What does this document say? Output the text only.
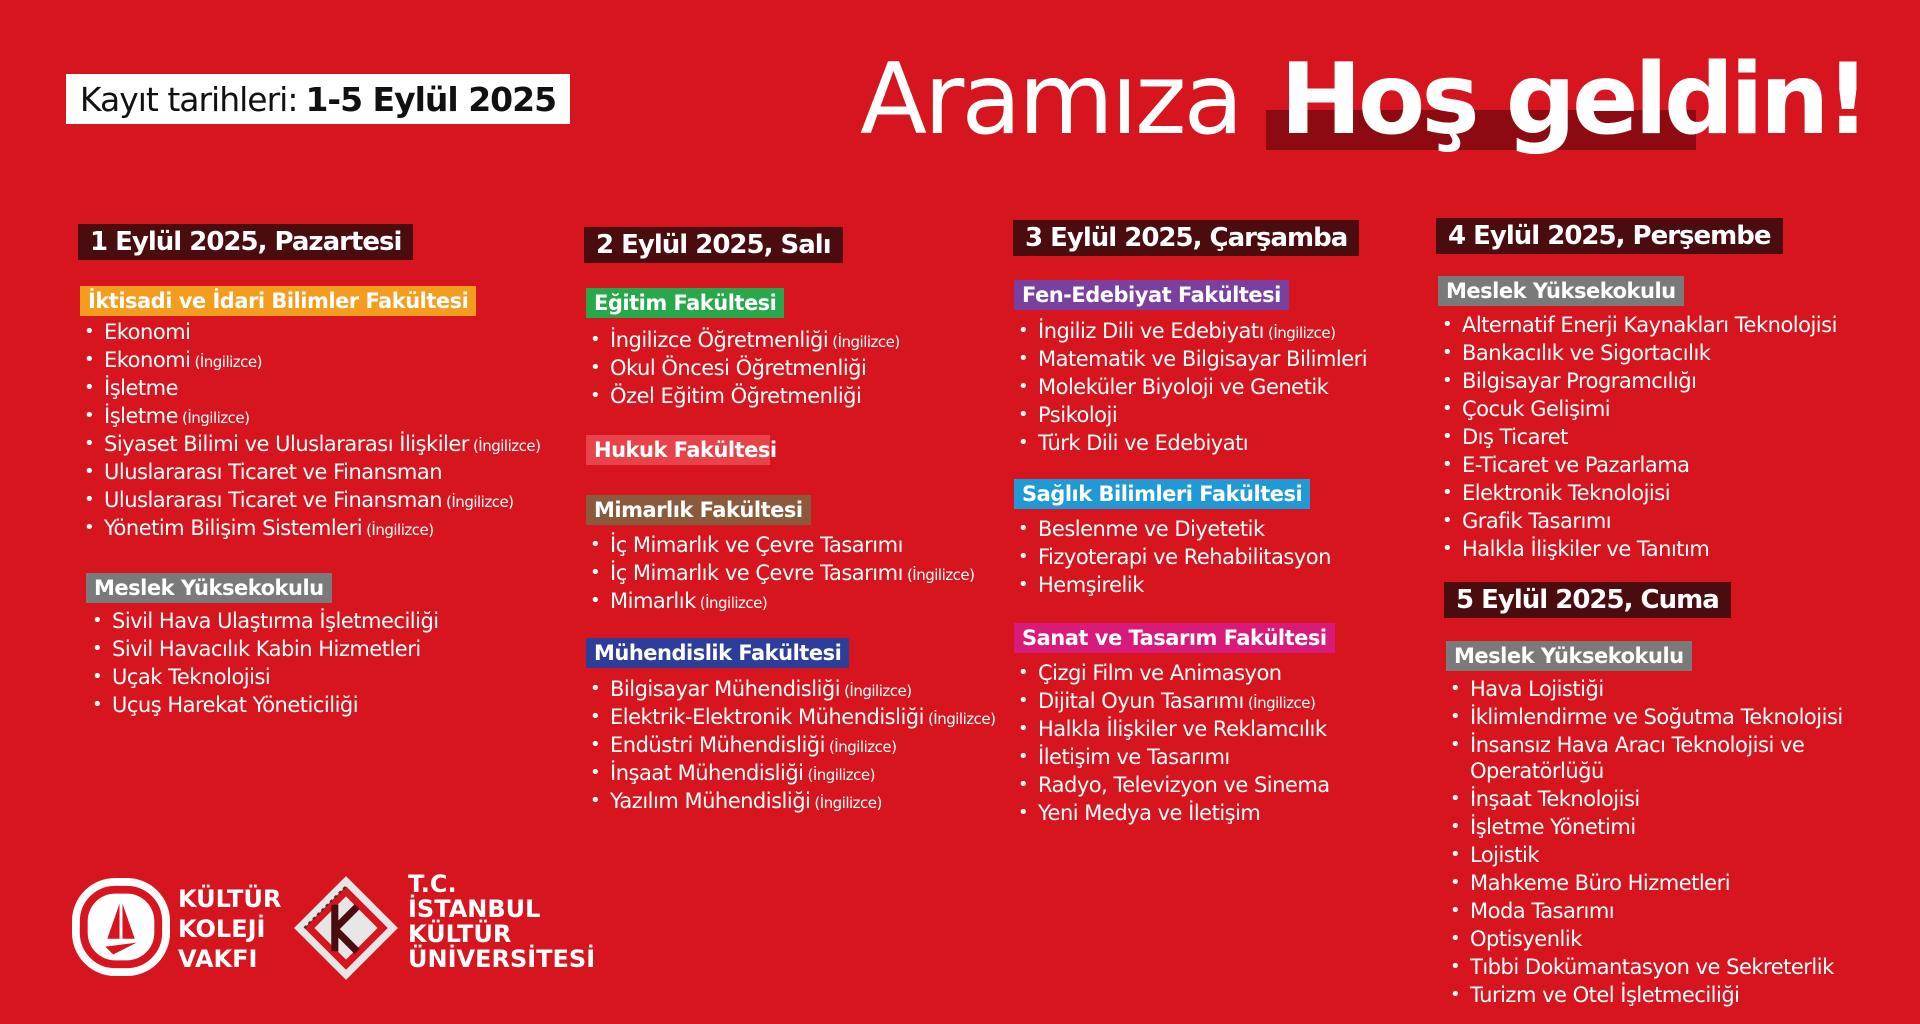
Kayıt tarihleri: 1-5 Eylül 2025	Aramıza Hoş geldin!
1 Eylül 2025, Pazartesi
İktisadi ve İdari Bilimler Fakültesi
• Ekonomi
• Ekonomi (İngilizce)
• İşletme
• İşletme (İngilizce)
• Siyaset Bilimi ve Uluslararası İlişkiler (İngilizce)
• Uluslararası Ticaret ve Finansman
• Uluslararası Ticaret ve Finansman (İngilizce)
• Yönetim Bilişim Sistemleri (İngilizce)
Meslek Yüksekokulu
• Sivil Hava Ulaştırma İşletmeciliği
• Sivil Havacılık Kabin Hizmetleri
• Uçak Teknolojisi
• Uçuş Harekat Yöneticiliği
2 Eylül 2025, Salı
Eğitim Fakültesi
• İngilizce Öğretmenliği (İngilizce)
• Okul Öncesi Öğretmenliği
• Özel Eğitim Öğretmenliği
Hukuk Fakültesi
Mimarlık Fakültesi
• İç Mimarlık ve Çevre Tasarımı
• İç Mimarlık ve Çevre Tasarımı (İngilizce)
• Mimarlık (İngilizce)
Mühendislik Fakültesi
• Bilgisayar Mühendisliği (İngilizce)
• Elektrik-Elektronik Mühendisliği (İngilizce)
• Endüstri Mühendisliği (İngilizce)
• İnşaat Mühendisliği (İngilizce)
• Yazılım Mühendisliği (İngilizce)
3 Eylül 2025, Çarşamba
Fen-Edebiyat Fakültesi
• İngiliz Dili ve Edebiyatı (İngilizce)
• Matematik ve Bilgisayar Bilimleri
• Moleküler Biyoloji ve Genetik
• Psikoloji
• Türk Dili ve Edebiyatı
Sağlık Bilimleri Fakültesi
• Beslenme ve Diyetetik
• Fizyoterapi ve Rehabilitasyon
• Hemşirelik
Sanat ve Tasarım Fakültesi
• Çizgi Film ve Animasyon
• Dijital Oyun Tasarımı (İngilizce)
• Halkla İlişkiler ve Reklamcılık
• İletişim ve Tasarımı
• Radyo, Televizyon ve Sinema
• Yeni Medya ve İletişim
4 Eylül 2025, Perşembe
Meslek Yüksekokulu
• Alternatif Enerji Kaynakları Teknolojisi
• Bankacılık ve Sigortacılık
• Bilgisayar Programcılığı
• Çocuk Gelişimi
• Dış Ticaret
• E-Ticaret ve Pazarlama
• Elektronik Teknolojisi
• Grafik Tasarımı
• Halkla İlişkiler ve Tanıtım
5 Eylül 2025, Cuma
Meslek Yüksekokulu
• Hava Lojistiği
• İklimlendirme ve Soğutma Teknolojisi
• İnsansız Hava Aracı Teknolojisi ve Operatörlüğü
• İnşaat Teknolojisi
• İşletme Yönetimi
• Lojistik
• Mahkeme Büro Hizmetleri
• Moda Tasarımı
• Optisyenlik
• Tıbbi Dokümantasyon ve Sekreterlik
• Turizm ve Otel İşletmeciliği
KÜLTÜR
KOLEJİ
VAKFI
T.C.
İSTANBUL
KÜLTÜR
ÜNİVERSİTESİ
